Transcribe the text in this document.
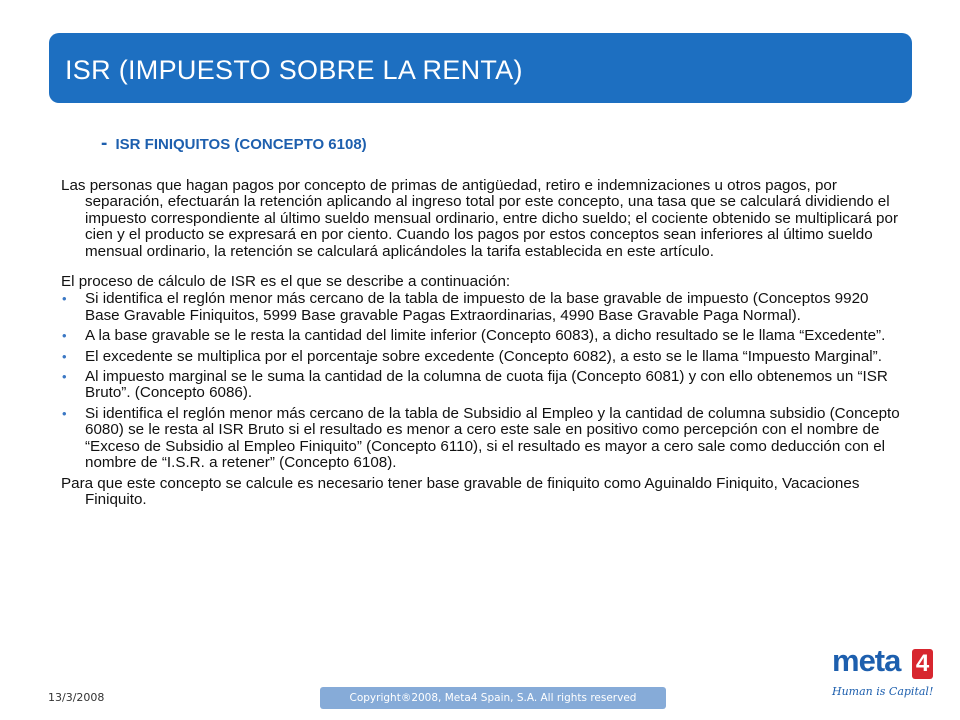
ISR (IMPUESTO SOBRE LA RENTA)
- ISR FINIQUITOS (CONCEPTO 6108)

Las personas que hagan pagos por concepto de primas de antigüedad, retiro e indemnizaciones u otros pagos, por separación, efectuarán la retención aplicando al ingreso total por este concepto, una tasa que se calculará dividiendo el impuesto correspondiente al último sueldo mensual ordinario, entre dicho sueldo; el cociente obtenido se multiplicará por cien y el producto se expresará en por ciento. Cuando los pagos por estos conceptos sean inferiores al último sueldo mensual ordinario, la retención se calculará aplicándoles la tarifa establecida en este artículo.

El proceso de cálculo de ISR es el que se describe a continuación:

• Si identifica el reglón menor más cercano de la tabla de impuesto de la base gravable de impuesto (Conceptos 9920 Base Gravable Finiquitos, 5999 Base gravable Pagas Extraordinarias, 4990 Base Gravable Paga Normal).
• A la base gravable se le resta la cantidad del limite inferior (Concepto 6083), a dicho resultado se le llama “Excedente”.
• El excedente se multiplica por el porcentaje sobre excedente (Concepto 6082), a esto se le llama “Impuesto Marginal”.
• Al impuesto marginal se le suma la cantidad de la columna de cuota fija (Concepto 6081) y con ello obtenemos un “ISR Bruto”. (Concepto 6086).
• Si identifica el reglón menor más cercano de la tabla de Subsidio al Empleo y la cantidad de columna subsidio (Concepto 6080) se le resta al ISR Bruto si el resultado es menor a cero este sale en positivo como percepción con el nombre de “Exceso de Subsidio al Empleo Finiquito” (Concepto 6110), si el resultado es mayor a cero sale como deducción con el nombre de “I.S.R. a retener” (Concepto 6108).

Para que este concepto se calcule es necesario tener base gravable de finiquito como Aguinaldo Finiquito, Vacaciones Finiquito.

13/3/2008	Copyright®2008, Meta4 Spain, S.A. All rights reserved
meta 4
Human is Capital!
